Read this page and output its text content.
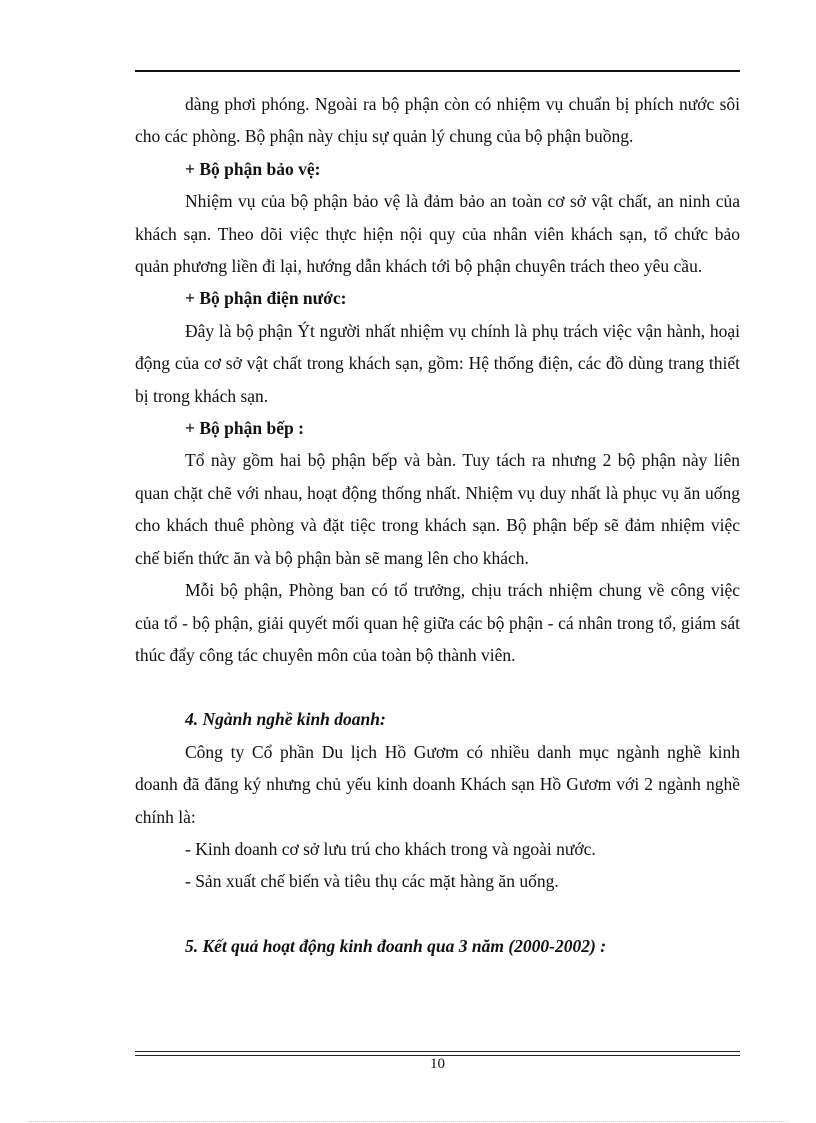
dàng phơi phóng. Ngoài ra bộ phận còn có nhiệm vụ chuẩn bị phích nước sôi cho các phòng. Bộ phận này chịu sự quản lý chung của bộ phận buồng.

+ Bộ phận bảo vệ:

Nhiệm vụ của bộ phận bảo vệ là đảm bảo an toàn cơ sở vật chất, an ninh của khách sạn. Theo dõi việc thực hiện nội quy của nhân viên khách sạn, tổ chức bảo quản phương liền đi lại, hướng dẫn khách tới bộ phận chuyên trách theo yêu cầu.

+ Bộ phận điện nước:

Đây là bộ phận Ýt người nhất nhiệm vụ chính là phụ trách việc vận hành, hoại động của cơ sở vật chất trong khách sạn, gồm: Hệ thống điện, các đồ dùng trang thiết bị trong khách sạn.

+ Bộ phận bếp :

Tổ này gồm hai bộ phận bếp và bàn. Tuy tách ra nhưng 2 bộ phận này liên quan chặt chẽ với nhau, hoạt động thống nhất. Nhiệm vụ duy nhất là phục vụ ăn uống cho khách thuê phòng và đặt tiệc trong khách sạn. Bộ phận bếp sẽ đảm nhiệm việc chế biến thức ăn và bộ phận bàn sẽ mang lên cho khách.

Mỗi bộ phận, Phòng ban có tổ trưởng, chịu trách nhiệm chung về công việc của tổ - bộ phận, giải quyết mối quan hệ giữa các bộ phận - cá nhân trong tổ, giám sát thúc đẩy công tác chuyên môn của toàn bộ thành viên.

4. Ngành nghề kinh doanh:

Công ty Cổ phần Du lịch Hồ Gươm có nhiều danh mục ngành nghề kinh doanh đã đăng ký nhưng chủ yếu kinh doanh Khách sạn Hồ Gươm với 2 ngành nghề chính là:

- Kinh doanh cơ sở lưu trú cho khách trong và ngoài nước.

- Sản xuất chế biến và tiêu thụ các mặt hàng ăn uống.

5. Kết quả hoạt động kinh đoanh qua 3 năm (2000-2002) :

10
